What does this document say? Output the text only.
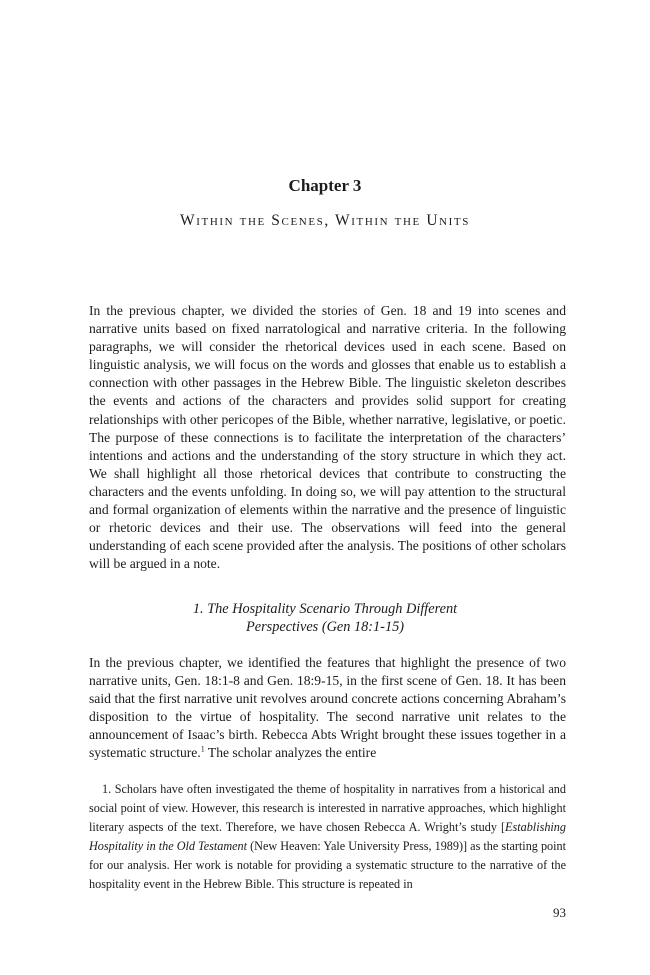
Chapter 3
Within the Scenes, Within the Units

In the previous chapter, we divided the stories of Gen. 18 and 19 into scenes and narrative units based on fixed narratological and narrative criteria. In the following paragraphs, we will consider the rhetorical devices used in each scene. Based on linguistic analysis, we will focus on the words and glosses that enable us to establish a connection with other passages in the Hebrew Bible. The linguistic skeleton describes the events and actions of the characters and provides solid support for creating relationships with other pericopes of the Bible, whether narrative, legislative, or poetic. The purpose of these connections is to facilitate the interpretation of the characters’ intentions and actions and the understanding of the story structure in which they act. We shall highlight all those rhetorical devices that contribute to constructing the characters and the events unfolding. In doing so, we will pay attention to the structural and formal organization of elements within the narrative and the presence of linguistic or rhetoric devices and their use. The observations will feed into the general understanding of each scene provided after the analysis. The positions of other scholars will be argued in a note.

1. The Hospitality Scenario Through Different
Perspectives (Gen 18:1-15)

In the previous chapter, we identified the features that highlight the presence of two narrative units, Gen. 18:1-8 and Gen. 18:9-15, in the first scene of Gen. 18. It has been said that the first narrative unit revolves around concrete actions concerning Abraham’s disposition to the virtue of hospitality. The second narrative unit relates to the announcement of Isaac’s birth. Rebecca Abts Wright brought these issues together in a systematic structure.$^1$ The scholar analyzes the entire

1. Scholars have often investigated the theme of hospitality in narratives from a historical and social point of view. However, this research is interested in narrative approaches, which highlight literary aspects of the text. Therefore, we have chosen Rebecca A. Wright’s study [Establishing Hospitality in the Old Testament (New Heaven: Yale University Press, 1989)] as the starting point for our analysis. Her work is notable for providing a systematic structure to the narrative of the hospitality event in the Hebrew Bible. This structure is repeated in

93
